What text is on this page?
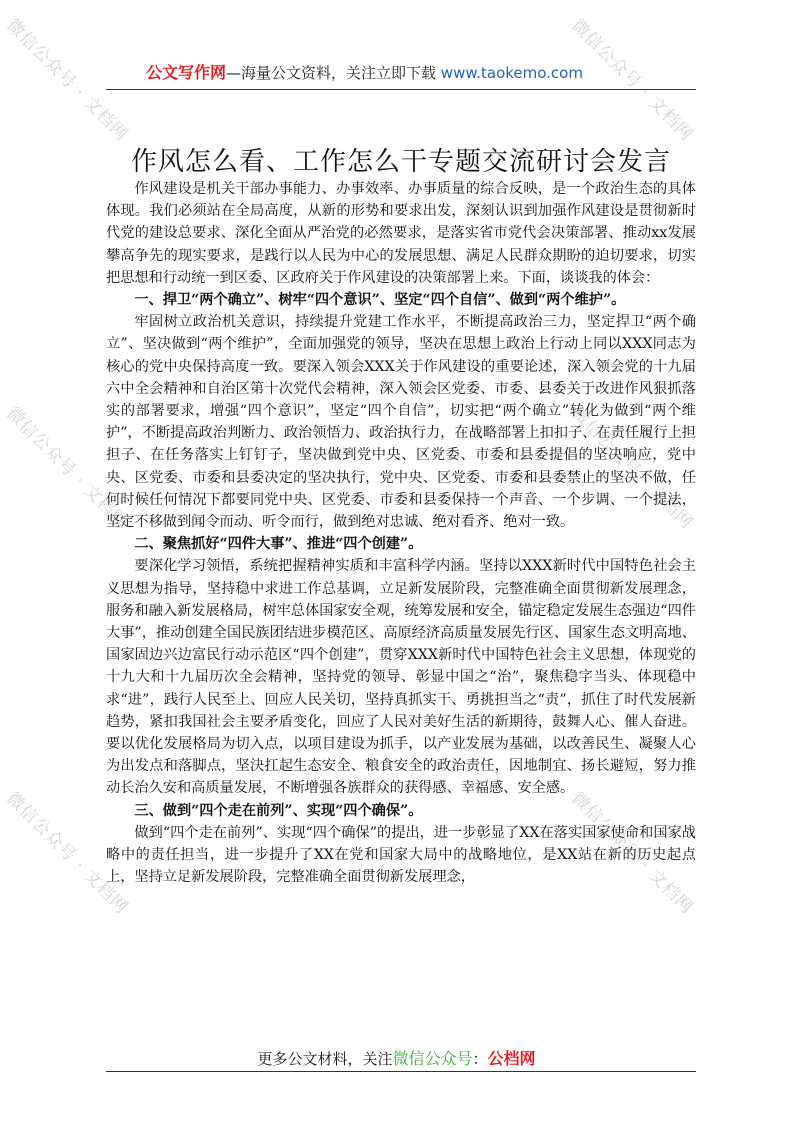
微信公众号 · 文档网	微信公众号 · 文档网
微信公众号 · 文档网	微信公众号 · 文档网
微信公众号 · 文档网	微信公众号 · 文档网
公文写作网—海量公文资料，关注立即下载 www.taokemo.com
作风怎么看、工作怎么干专题交流研讨会发言

作风建设是机关干部办事能力、办事效率、办事质量的综合反映，是一个政治生态的具体体现。我们必须站在全局高度，从新的形势和要求出发，深刻认识到加强作风建设是贯彻新时代党的建设总要求、深化全面从严治党的必然要求，是落实省市党代会决策部署、推动xx发展攀高争先的现实要求，是践行以人民为中心的发展思想、满足人民群众期盼的迫切要求，切实把思想和行动统一到区委、区政府关于作风建设的决策部署上来。下面，谈谈我的体会：

一、捍卫“两个确立”、树牢“四个意识”、坚定“四个自信”、做到“两个维护”。

牢固树立政治机关意识，持续提升党建工作水平，不断提高政治三力，坚定捍卫“两个确立”、坚决做到“两个维护”，全面加强党的领导，坚决在思想上政治上行动上同以XXX同志为核心的党中央保持高度一致。要深入领会XXX关于作风建设的重要论述，深入领会党的十九届六中全会精神和自治区第十次党代会精神，深入领会区党委、市委、县委关于改进作风狠抓落实的部署要求，增强“四个意识”，坚定“四个自信”，切实把“两个确立”转化为做到“两个维护”，不断提高政治判断力、政治领悟力、政治执行力，在战略部署上扣扣子、在责任履行上担担子、在任务落实上钉钉子，坚决做到党中央、区党委、市委和县委提倡的坚决响应，党中央、区党委、市委和县委决定的坚决执行，党中央、区党委、市委和县委禁止的坚决不做，任何时候任何情况下都要同党中央、区党委、市委和县委保持一个声音、一个步调、一个提法，坚定不移做到闻令而动、听令而行，做到绝对忠诚、绝对看齐、绝对一致。

二、聚焦抓好“四件大事”、推进“四个创建”。

要深化学习领悟，系统把握精神实质和丰富科学内涵。坚持以XXX新时代中国特色社会主义思想为指导，坚持稳中求进工作总基调，立足新发展阶段，完整准确全面贯彻新发展理念，服务和融入新发展格局，树牢总体国家安全观，统筹发展和安全，锚定稳定发展生态强边“四件大事”，推动创建全国民族团结进步模范区、高原经济高质量发展先行区、国家生态文明高地、国家固边兴边富民行动示范区“四个创建”，贯穿XXX新时代中国特色社会主义思想，体现党的十九大和十九届历次全会精神，坚持党的领导、彰显中国之“治”，聚焦稳字当头、体现稳中求“进”，践行人民至上、回应人民关切，坚持真抓实干、勇挑担当之“责”，抓住了时代发展新趋势，紧扣我国社会主要矛盾变化，回应了人民对美好生活的新期待，鼓舞人心、催人奋进。要以优化发展格局为切入点，以项目建设为抓手，以产业发展为基础，以改善民生、凝聚人心为出发点和落脚点，坚決扛起生态安全、粮食安全的政治责任，因地制宜、扬长避短，努力推动长治久安和高质量发展，不断增强各族群众的获得感、幸福感、安全感。

三、做到“四个走在前列”、实现“四个确保”。

做到“四个走在前列”、实现“四个确保”的提出，进一步彰显了XX在落实国家使命和国家战略中的责任担当，进一步提升了XX在党和国家大局中的战略地位，是XX站在新的历史起点上，坚持立足新发展阶段，完整准确全面贯彻新发展理念，

更多公文材料，关注微信公众号：公档网
